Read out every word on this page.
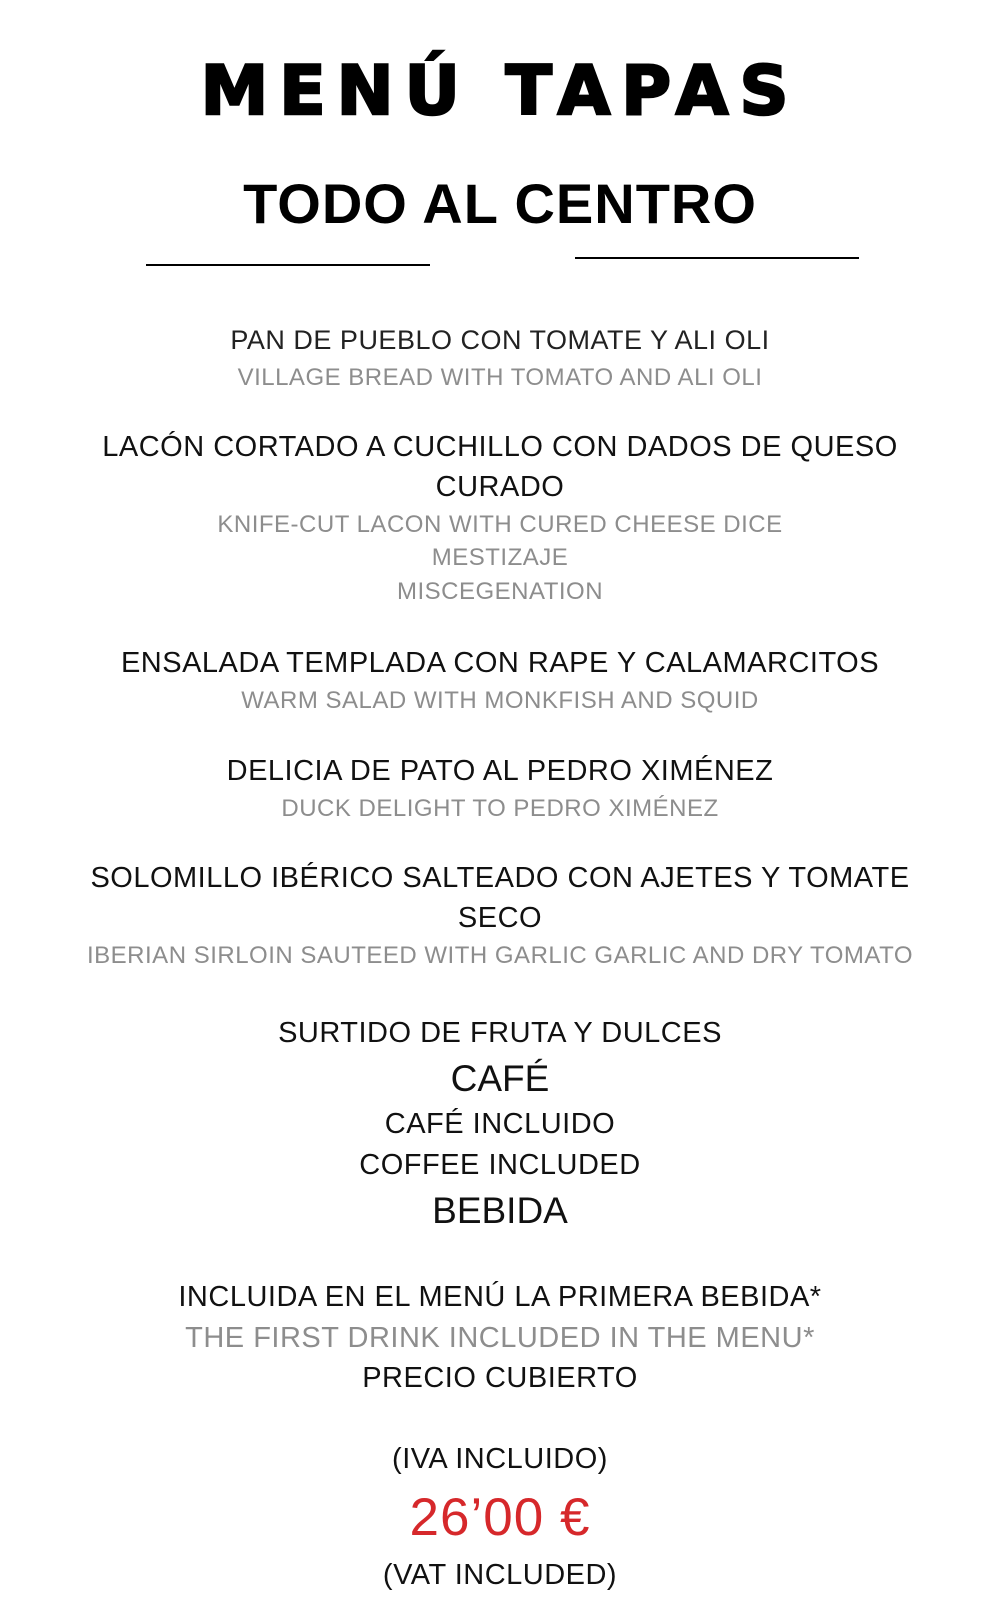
MENÚ TAPAS
TODO AL CENTRO
PAN DE PUEBLO CON TOMATE Y ALI OLI
VILLAGE BREAD WITH TOMATO AND ALI OLI
LACÓN CORTADO A CUCHILLO CON DADOS DE QUESO
CURADO
KNIFE-CUT LACON WITH CURED CHEESE DICE
MESTIZAJE
MISCEGENATION
ENSALADA TEMPLADA CON RAPE Y CALAMARCITOS
WARM SALAD WITH MONKFISH AND SQUID
DELICIA DE PATO AL PEDRO XIMÉNEZ
DUCK DELIGHT TO PEDRO XIMÉNEZ
SOLOMILLO IBÉRICO SALTEADO CON AJETES Y TOMATE
SECO
IBERIAN SIRLOIN SAUTEED WITH GARLIC GARLIC AND DRY TOMATO
SURTIDO DE FRUTA Y DULCES
CAFÉ
CAFÉ INCLUIDO
COFFEE INCLUDED
BEBIDA
INCLUIDA EN EL MENÚ LA PRIMERA BEBIDA*
THE FIRST DRINK INCLUDED IN THE MENU*
PRECIO CUBIERTO
(IVA INCLUIDO)
26’00 €
(VAT INCLUDED)
